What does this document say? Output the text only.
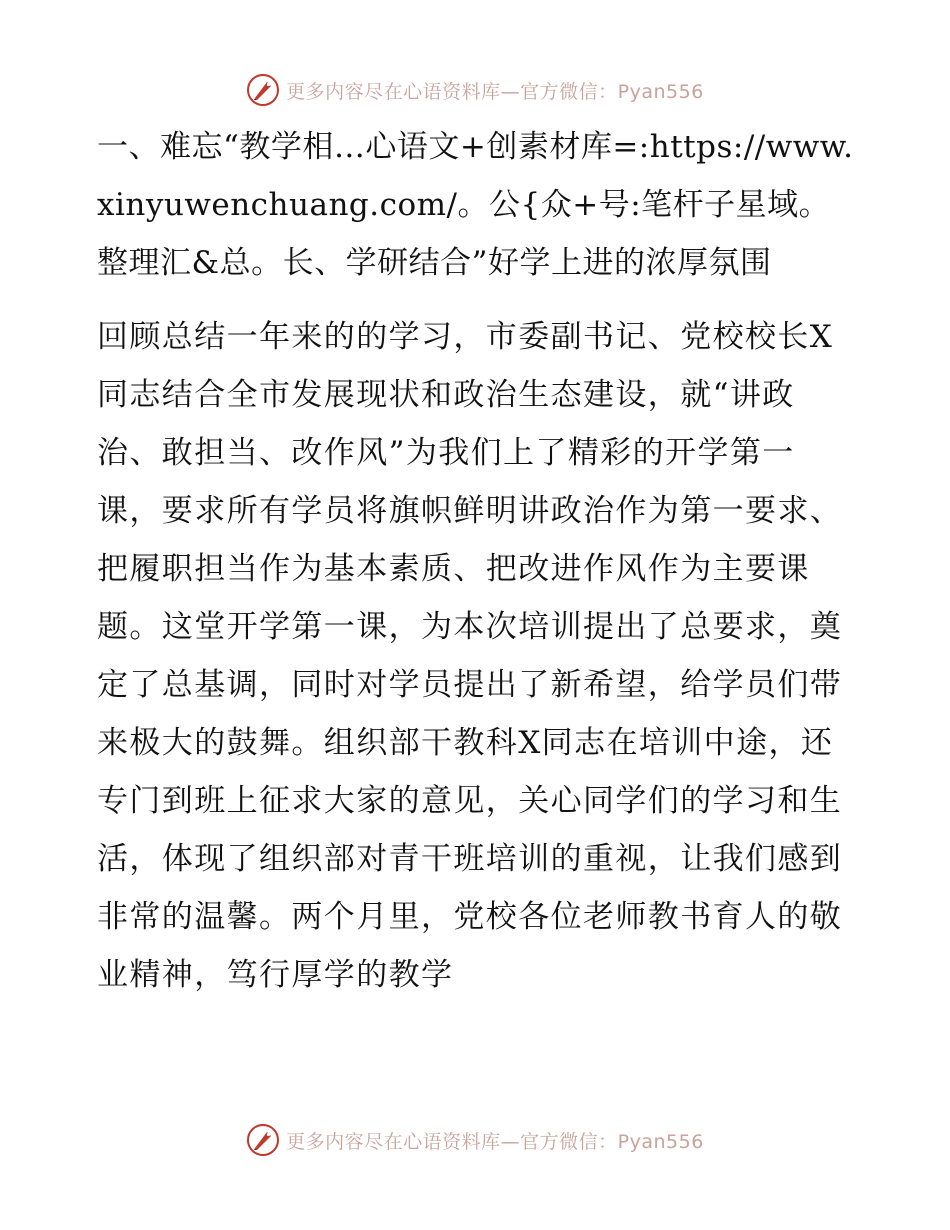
更多内容尽在心语资料库—官方微信：Pyan556

一、难忘“教学相…心语文+创素材库=:https://www.xinyuwenchuang.com/。公{众+号:笔杆子星域。整理汇&总。长、学研结合”好学上进的浓厚氛围

回顾总结一年来的的学习，市委副书记、党校校长X同志结合全市发展现状和政治生态建设，就“讲政治、敢担当、改作风”为我们上了精彩的开学第一课，要求所有学员将旗帜鲜明讲政治作为第一要求、把履职担当作为基本素质、把改进作风作为主要课题。这堂开学第一课，为本次培训提出了总要求，奠定了总基调，同时对学员提出了新希望，给学员们带来极大的鼓舞。组织部干教科X同志在培训中途，还专门到班上征求大家的意见，关心同学们的学习和生活，体现了组织部对青干班培训的重视，让我们感到非常的温馨。两个月里，党校各位老师教书育人的敬业精神，笃行厚学的教学

更多内容尽在心语资料库—官方微信：Pyan556
